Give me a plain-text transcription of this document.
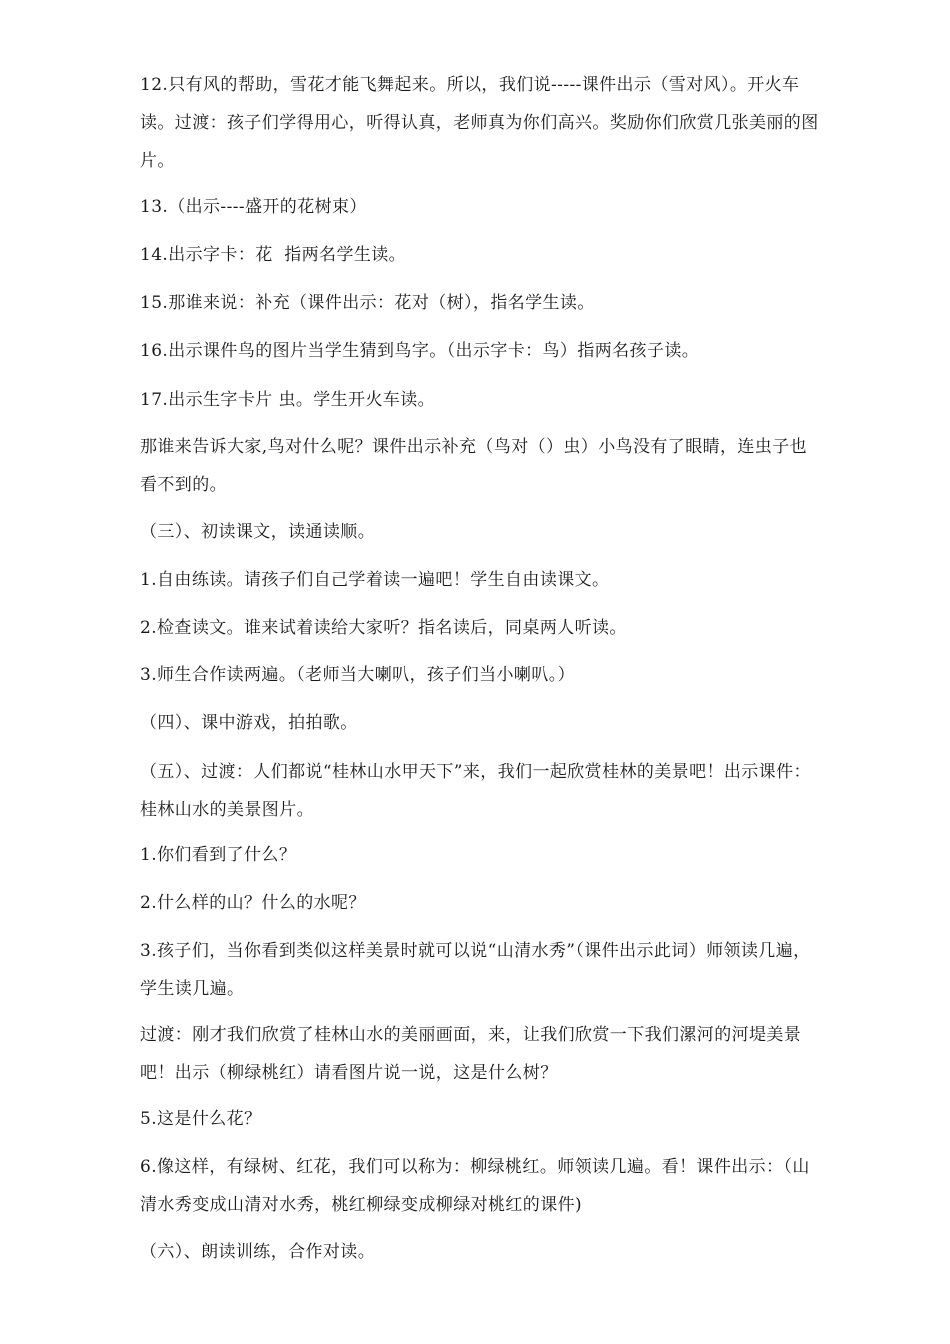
12.只有风的帮助，雪花才能飞舞起来。所以，我们说-----课件出示（雪对风）。开火车读。过渡：孩子们学得用心，听得认真，老师真为你们高兴。奖励你们欣赏几张美丽的图片。

13.（出示----盛开的花树束）

14.出示字卡：花  指两名学生读。

15.那谁来说：补充（课件出示：花对（树），指名学生读。

16.出示课件鸟的图片当学生猜到鸟字。（出示字卡：鸟）指两名孩子读。

17.出示生字卡片 虫。学生开火车读。

那谁来告诉大家,鸟对什么呢？课件出示补充（鸟对（）虫）小鸟没有了眼睛，连虫子也看不到的。

（三）、初读课文，读通读顺。

1.自由练读。请孩子们自己学着读一遍吧！学生自由读课文。

2.检查读文。谁来试着读给大家听？指名读后，同桌两人听读。

3.师生合作读两遍。（老师当大喇叭，孩子们当小喇叭。）

（四）、课中游戏，拍拍歌。

（五）、过渡：人们都说“桂林山水甲天下”来，我们一起欣赏桂林的美景吧！出示课件：桂林山水的美景图片。

1.你们看到了什么？

2.什么样的山？什么的水呢？

3.孩子们，当你看到类似这样美景时就可以说“山清水秀”（课件出示此词）师领读几遍，学生读几遍。

过渡：刚才我们欣赏了桂林山水的美丽画面，来，让我们欣赏一下我们漯河的河堤美景吧！出示（柳绿桃红）请看图片说一说，这是什么树？

5.这是什么花？

6.像这样，有绿树、红花，我们可以称为：柳绿桃红。师领读几遍。看！课件出示：（山清水秀变成山清对水秀，桃红柳绿变成柳绿对桃红的课件)

（六）、朗读训练，合作对读。
